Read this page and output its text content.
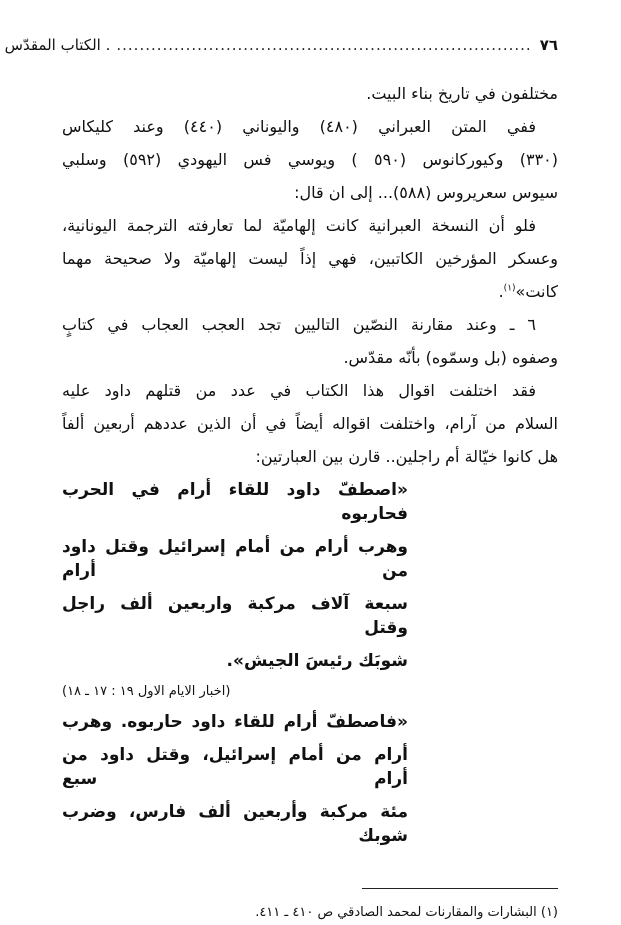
٧٦
........................................................................
. الكتاب المقدّس
مختلفون في تاريخ بناء البيت.
ففي المتن العبراني (٤٨٠) واليوناني (٤٤٠) وعند كليكاس
(٣٣٠) وكيوركانوس (٥٩٠ ) ويوسي فس اليهودي (٥٩٢) وسلبي
سيوس سعريروس (٥٨٨)... إلى ان قال:
فلو أن النسخة العبرانية كانت إلهاميّة لما تعارفته الترجمة اليونانية،
وعسكر المؤرخين الكاتبين، فهي إذاً ليست إلهاميّة ولا صحيحة مهما
كانت»$^{(١)}$.
٦ ـ وعند مقارنة النصّين التاليين تجد العجب العجاب في كتابٍ
وصفوه (بل وسمّوه) بأنّه مقدّس.
فقد اختلفت اقوال هذا الكتاب في عدد من قتلهم داود عليه
السلام من آرام، واختلفت اقواله أيضاً في أن الذين عددهم أربعين ألفاً
هل كانوا خيّالة أم راجلين.. قارن بين العبارتين:
«اصطفّ داود للقاء أرام في الحرب فحاربوه
وهرب أرام من أمام إسرائيل وقتل داود من أرام
سبعة آلاف مركبة واربعين ألف راجل وقتل
شوبَك رئيسَ الجيش».
(اخبار الايام الاول ١٩ : ١٧ ـ ١٨)
«فاصطفّ أرام للقاء داود حاربوه. وهرب
أرام من أمام إسرائيل، وقتل داود من أرام سبع
مئة مركبة وأربعين ألف فارس، وضرب شوبك
(١) البشارات والمقارنات لمحمد الصادقي ص ٤١٠ ـ ٤١١.
